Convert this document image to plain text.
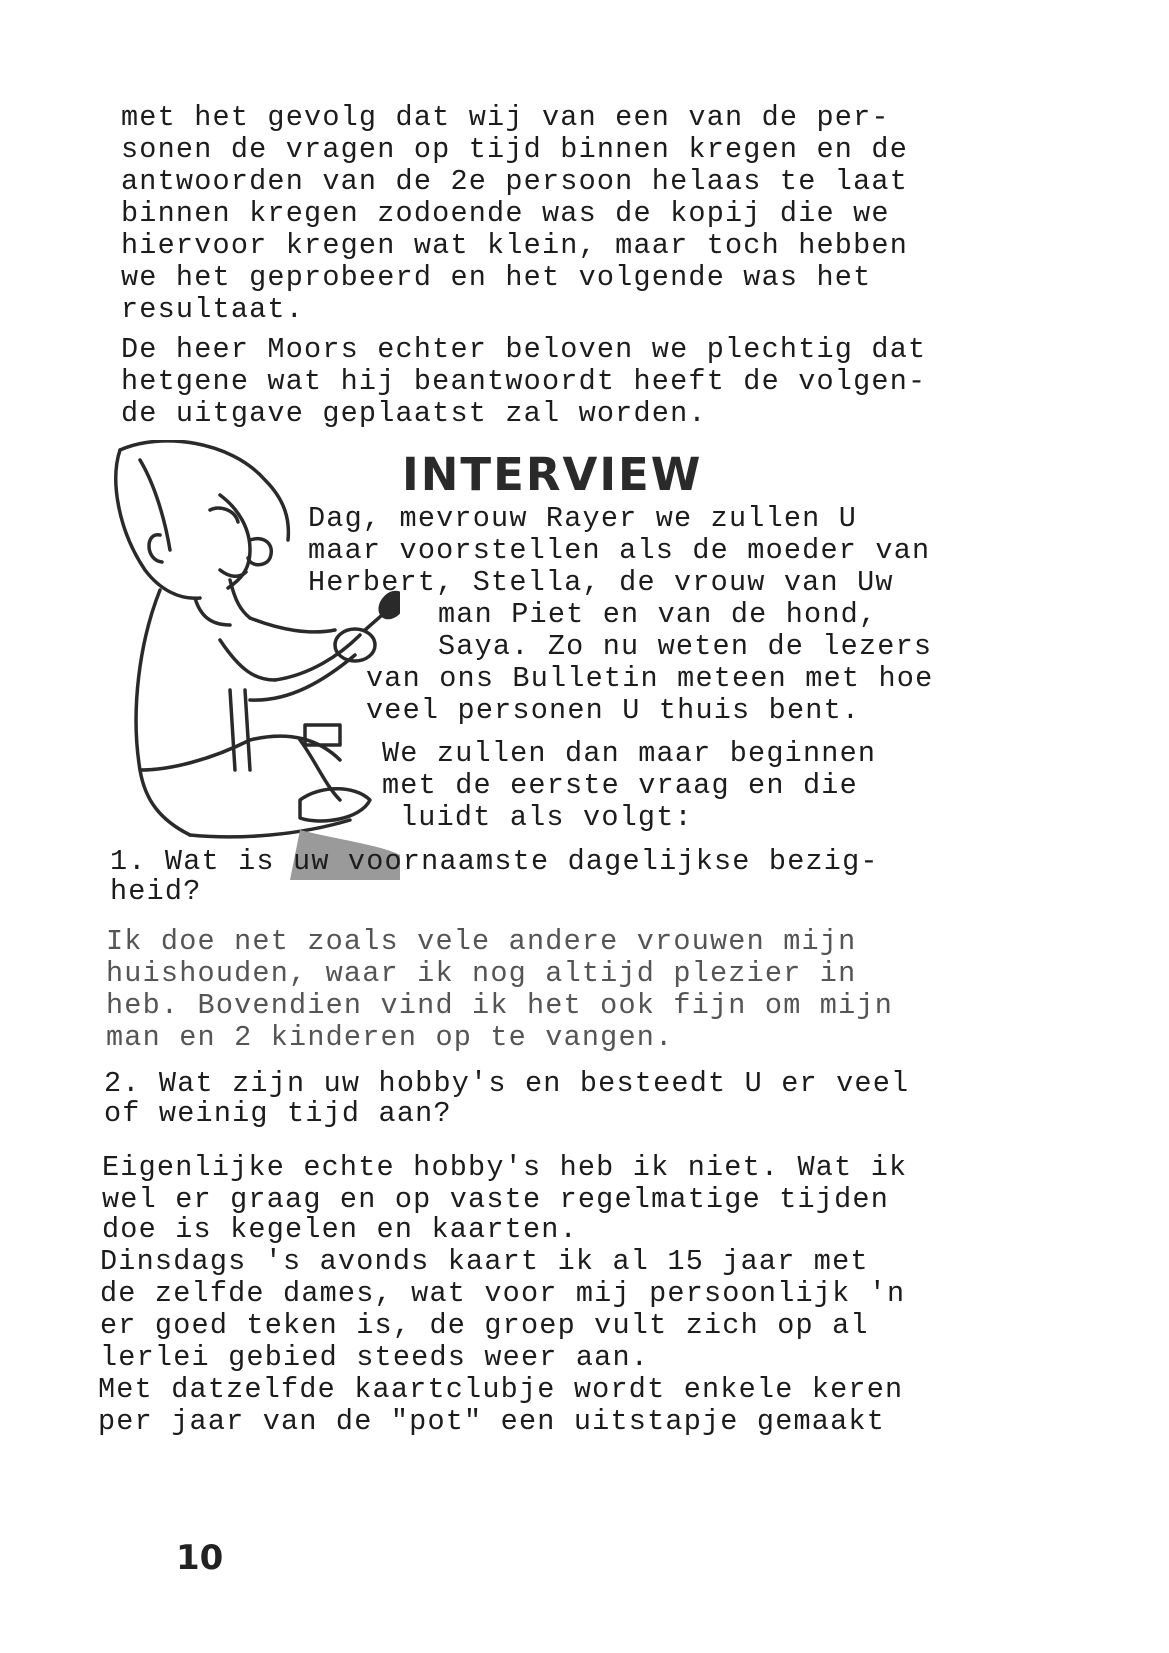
met het gevolg dat wij van een van de per-
sonen de vragen op tijd binnen kregen en de
antwoorden van de 2e persoon helaas te laat
binnen kregen zodoende was de kopij die we
hiervoor kregen wat klein, maar toch hebben
we het geprobeerd en het volgende was het
resultaat.
De heer Moors echter beloven we plechtig dat
hetgene wat hij beantwoordt heeft de volgen-
de uitgave geplaatst zal worden.
INTERVIEW
Dag, mevrouw Rayer we zullen U
maar voorstellen als de moeder van
Herbert, Stella, de vrouw van Uw
man Piet en van de hond,
Saya. Zo nu weten de lezers
van ons Bulletin meteen met hoe
veel personen U thuis bent.
We zullen dan maar beginnen
met de eerste vraag en die
luidt als volgt:
1. Wat is uw voornaamste dagelijkse bezig-
heid?
Ik doe net zoals vele andere vrouwen mijn
huishouden, waar ik nog altijd plezier in
heb. Bovendien vind ik het ook fijn om mijn
man en 2 kinderen op te vangen.
2. Wat zijn uw hobby's en besteedt U er veel
of weinig tijd aan?
Eigenlijke echte hobby's heb ik niet. Wat ik
wel er graag en op vaste regelmatige tijden
doe is kegelen en kaarten.
Dinsdags 's avonds kaart ik al 15 jaar met
de zelfde dames, wat voor mij persoonlijk 'n
er goed teken is, de groep vult zich op al
lerlei gebied steeds weer aan.
Met datzelfde kaartclubje wordt enkele keren
per jaar van de "pot" een uitstapje gemaakt
10
